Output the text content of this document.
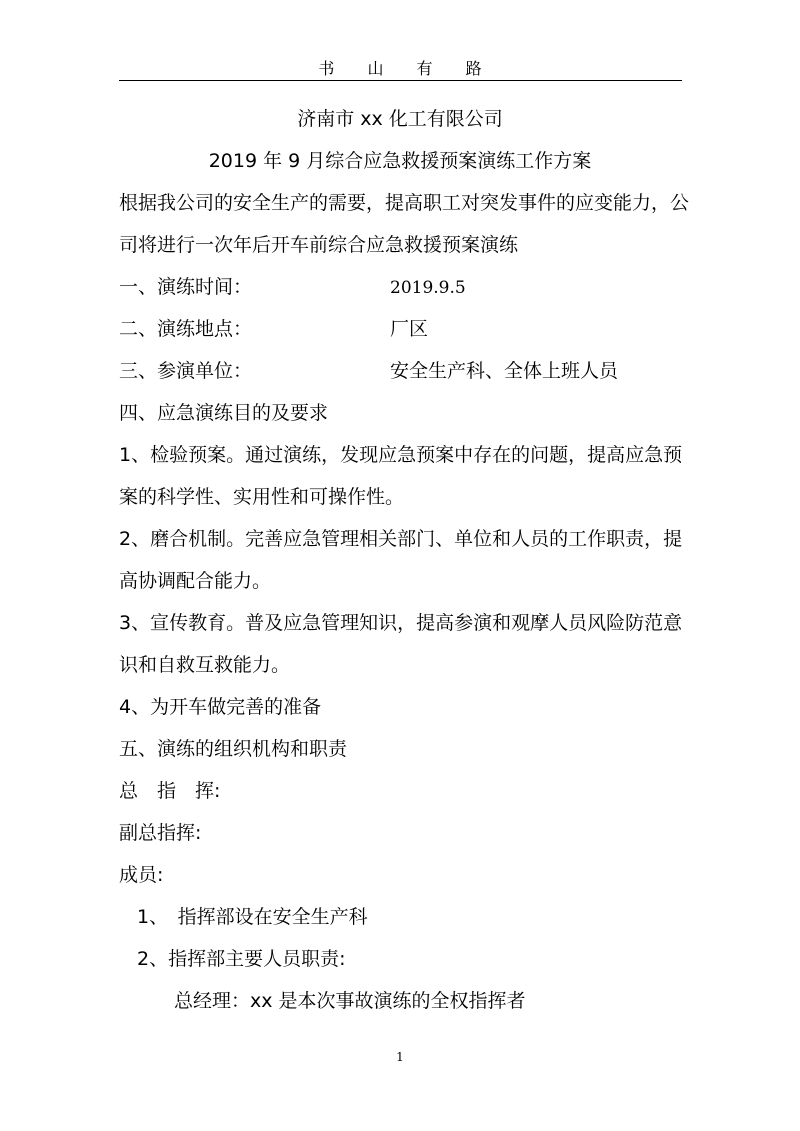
书 山 有 路
济南市 xx 化工有限公司
2019 年 9 月综合应急救援预案演练工作方案
根据我公司的安全生产的需要，提高职工对突发事件的应变能力，公
司将进行一次年后开车前综合应急救援预案演练
一、演练时间：	2019.9.5
二、演练地点：	厂区
三、参演单位：	安全生产科、全体上班人员
四、应急演练目的及要求
1、检验预案。通过演练，发现应急预案中存在的问题，提高应急预
案的科学性、实用性和可操作性。
2、磨合机制。完善应急管理相关部门、单位和人员的工作职责，提
高协调配合能力。
3、宣传教育。普及应急管理知识，提高参演和观摩人员风险防范意
识和自救互救能力。
4、为开车做完善的准备
五、演练的组织机构和职责
总　指　挥:
副总指挥:
成员:
1、　指挥部设在安全生产科
2、指挥部主要人员职责:
总经理：xx 是本次事故演练的全权指挥者
1
